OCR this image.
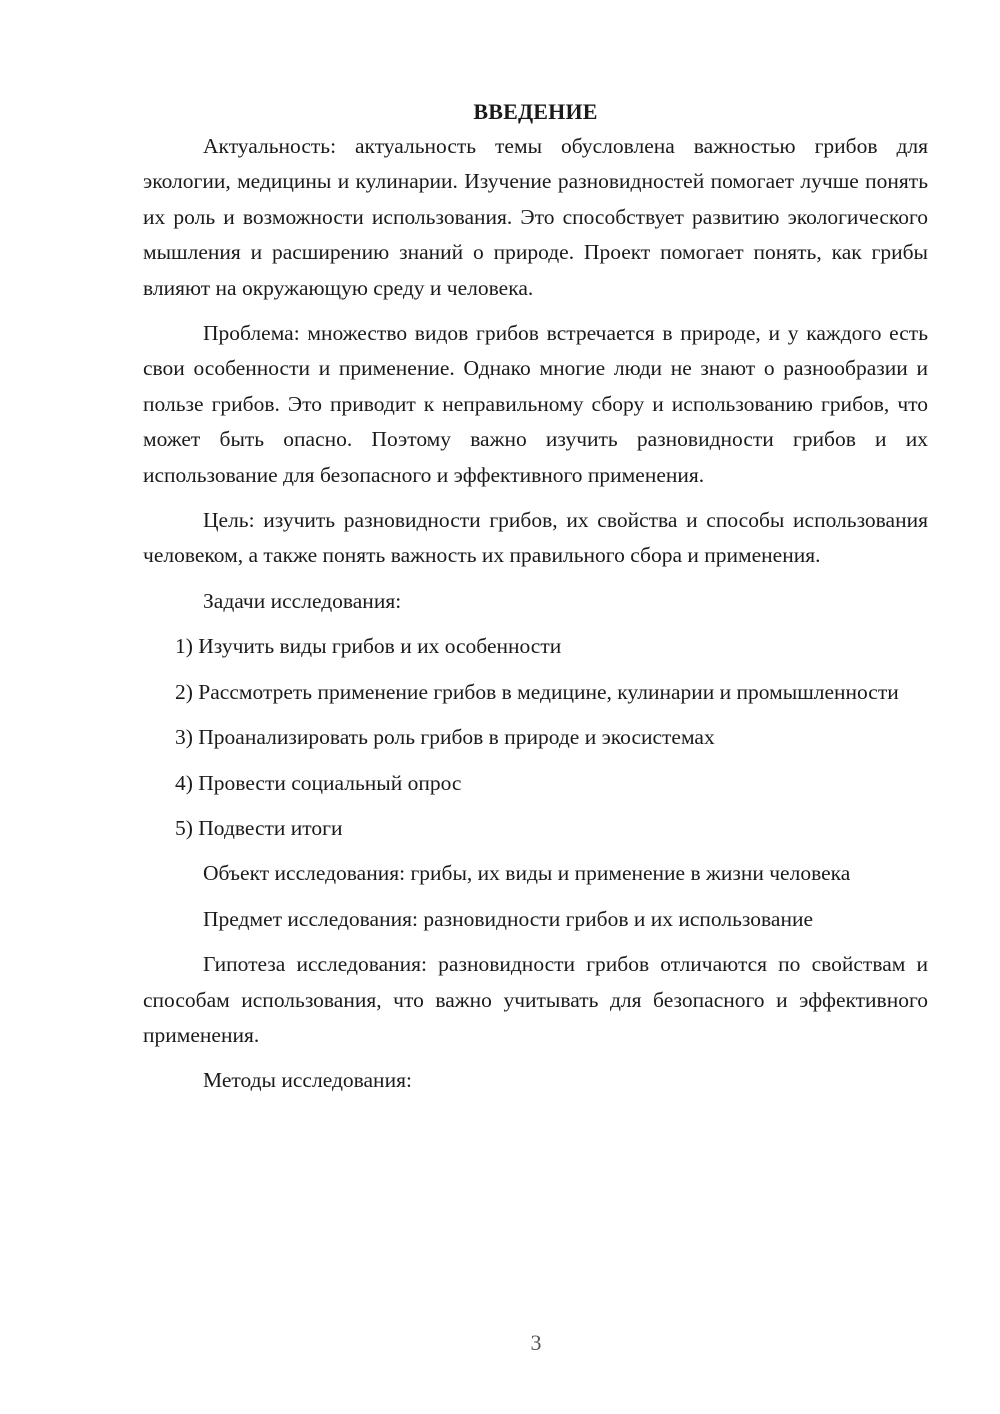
ВВЕДЕНИЕ

Актуальность: актуальность темы обусловлена важностью грибов для экологии, медицины и кулинарии. Изучение разновидностей помогает лучше понять их роль и возможности использования. Это способствует развитию экологического мышления и расширению знаний о природе. Проект помогает понять, как грибы влияют на окружающую среду и человека.

Проблема: множество видов грибов встречается в природе, и у каждого есть свои особенности и применение. Однако многие люди не знают о разнообразии и пользе грибов. Это приводит к неправильному сбору и использованию грибов, что может быть опасно. Поэтому важно изучить разновидности грибов и их использование для безопасного и эффективного применения.

Цель: изучить разновидности грибов, их свойства и способы использования человеком, а также понять важность их правильного сбора и применения.

Задачи исследования:

1) Изучить виды грибов и их особенности

2) Рассмотреть применение грибов в медицине, кулинарии и промышленности

3) Проанализировать роль грибов в природе и экосистемах

4) Провести социальный опрос

5) Подвести итоги

Объект исследования: грибы, их виды и применение в жизни человека

Предмет исследования: разновидности грибов и их использование

Гипотеза исследования: разновидности грибов отличаются по свойствам и способам использования, что важно учитывать для безопасного и эффективного применения.

Методы исследования:

3
